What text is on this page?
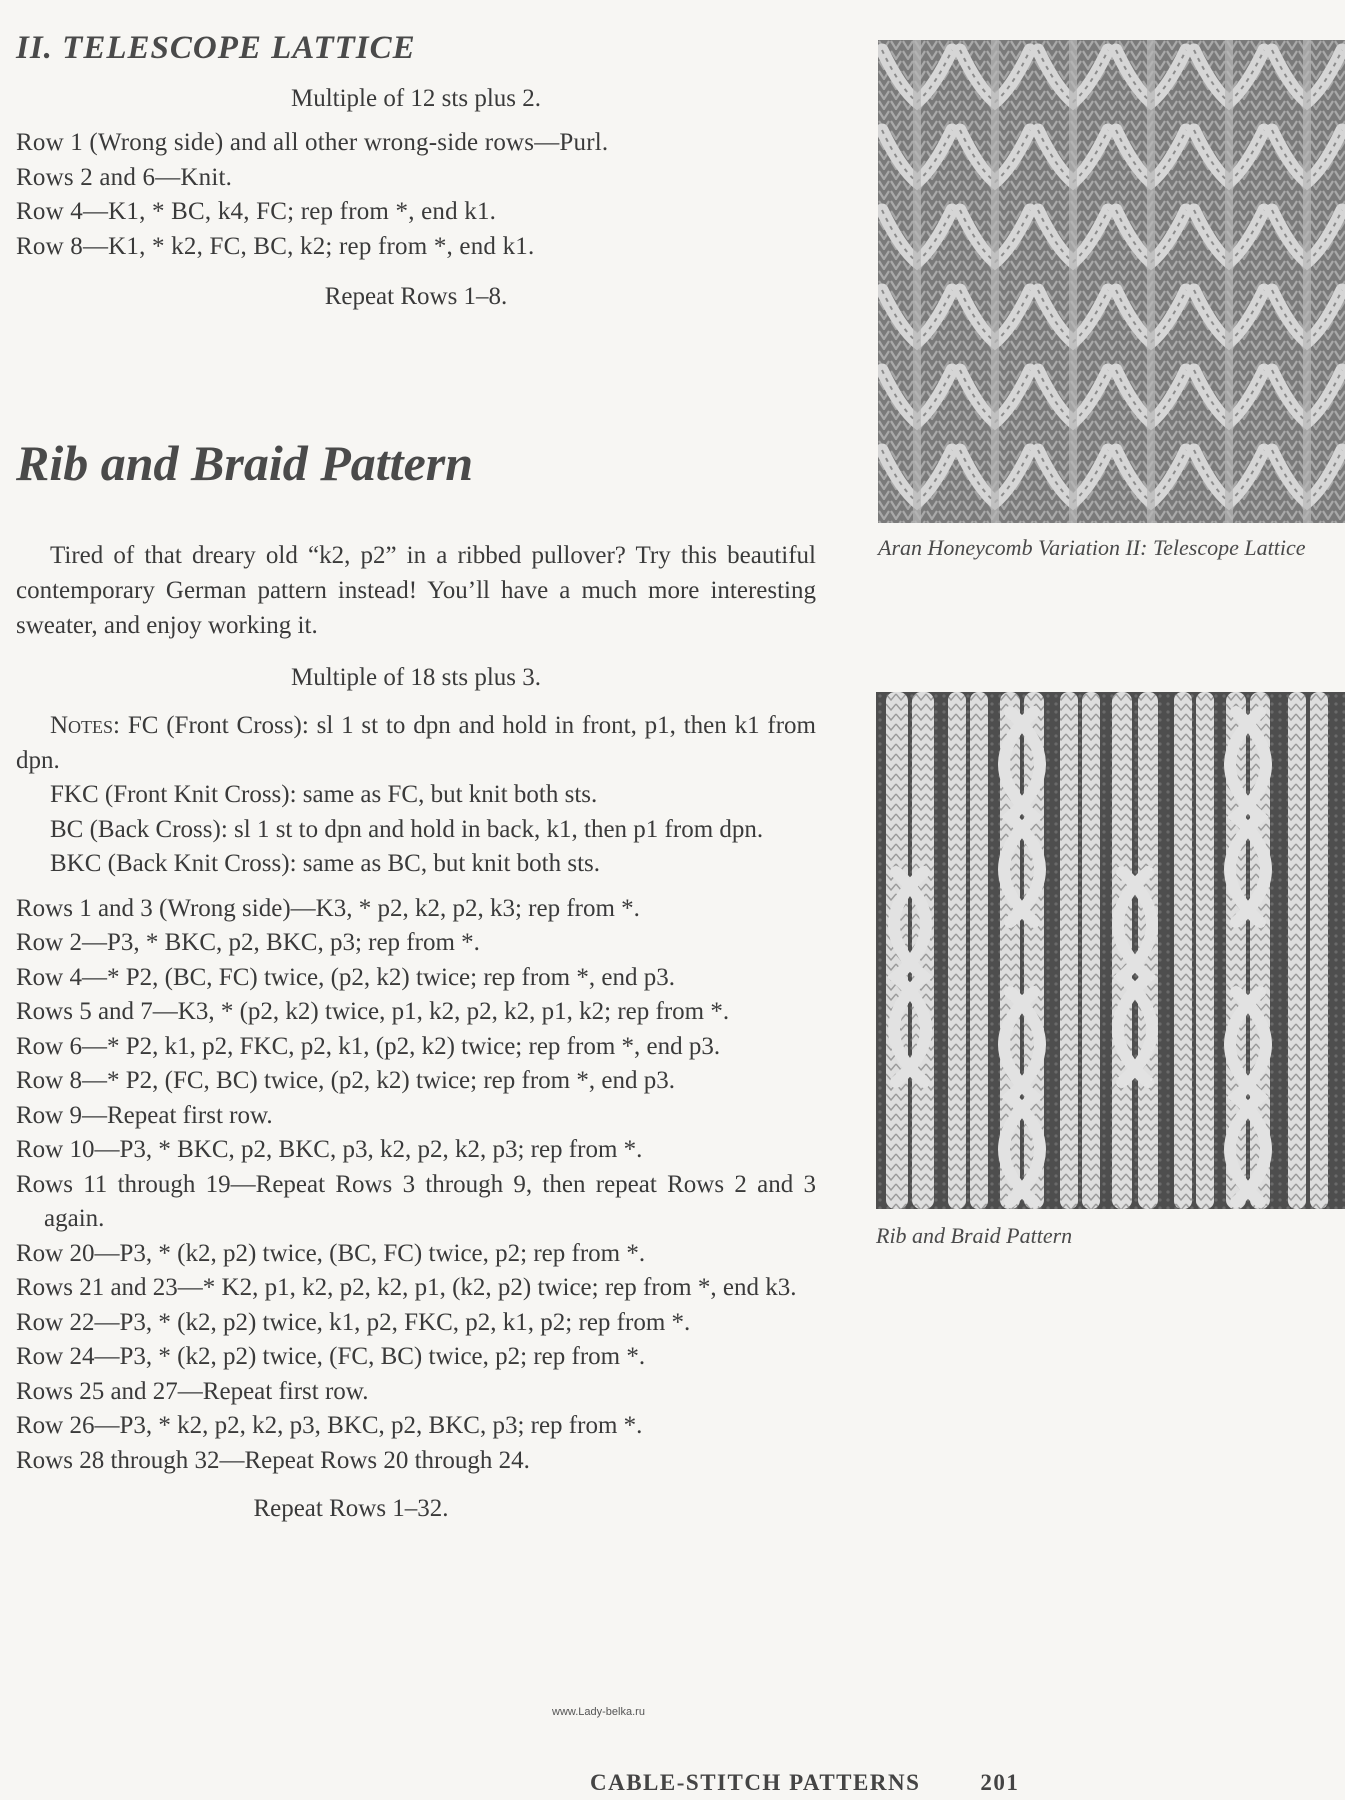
II. TELESCOPE LATTICE
Multiple of 12 sts plus 2.
Row 1 (Wrong side) and all other wrong-side rows—Purl.
Rows 2 and 6—Knit.
Row 4—K1, * BC, k4, FC; rep from *, end k1.
Row 8—K1, * k2, FC, BC, k2; rep from *, end k1.
Repeat Rows 1–8.
Rib and Braid Pattern

Tired of that dreary old “k2, p2” in a ribbed pullover? Try this beautiful contemporary German pattern instead! You’ll have a much more interesting sweater, and enjoy working it.

Multiple of 18 sts plus 3.

Notes: FC (Front Cross): sl 1 st to dpn and hold in front, p1, then k1 from dpn.

FKC (Front Knit Cross): same as FC, but knit both sts.

BC (Back Cross): sl 1 st to dpn and hold in back, k1, then p1 from dpn.

BKC (Back Knit Cross): same as BC, but knit both sts.

Rows 1 and 3 (Wrong side)—K3, * p2, k2, p2, k3; rep from *.

Row 2—P3, * BKC, p2, BKC, p3; rep from *.

Row 4—* P2, (BC, FC) twice, (p2, k2) twice; rep from *, end p3.

Rows 5 and 7—K3, * (p2, k2) twice, p1, k2, p2, k2, p1, k2; rep from *.

Row 6—* P2, k1, p2, FKC, p2, k1, (p2, k2) twice; rep from *, end p3.

Row 8—* P2, (FC, BC) twice, (p2, k2) twice; rep from *, end p3.

Row 9—Repeat first row.

Row 10—P3, * BKC, p2, BKC, p3, k2, p2, k2, p3; rep from *.

Rows 11 through 19—Repeat Rows 3 through 9, then repeat Rows 2 and 3 again.

Row 20—P3, * (k2, p2) twice, (BC, FC) twice, p2; rep from *.

Rows 21 and 23—* K2, p1, k2, p2, k2, p1, (k2, p2) twice; rep from *, end k3.

Row 22—P3, * (k2, p2) twice, k1, p2, FKC, p2, k1, p2; rep from *.

Row 24—P3, * (k2, p2) twice, (FC, BC) twice, p2; rep from *.

Rows 25 and 27—Repeat first row.

Row 26—P3, * k2, p2, k2, p3, BKC, p2, BKC, p3; rep from *.

Rows 28 through 32—Repeat Rows 20 through 24.

Repeat Rows 1–32.
Aran Honeycomb Variation II: Telescope Lattice
Rib and Braid Pattern
www.Lady-belka.ru
CABLE-STITCH PATTERNS	201
